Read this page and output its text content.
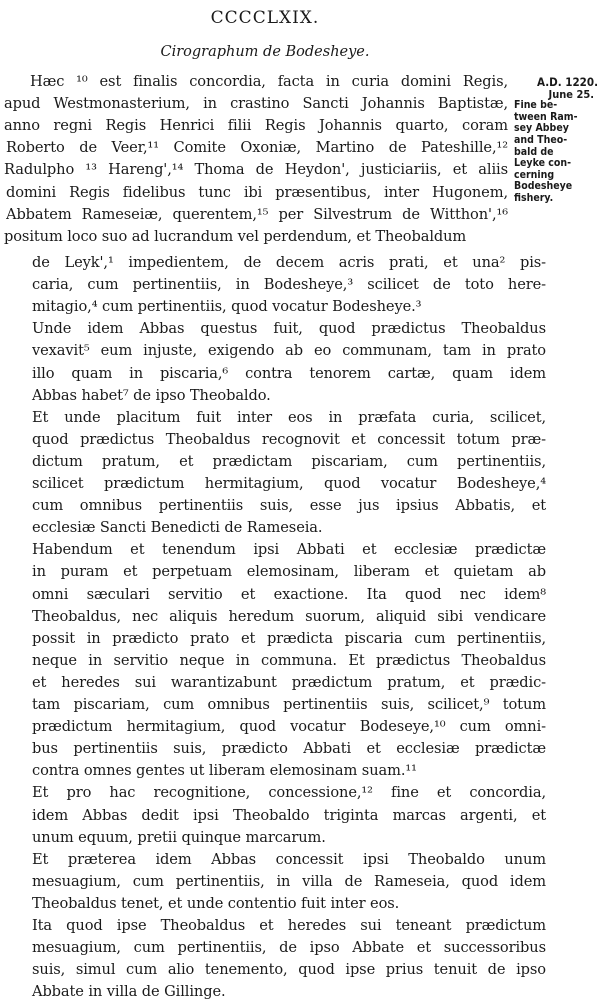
CCCCLXIX.
Cirographum de Bodesheye.
A.D. 1220.
June 25.
Fine be-
tween Ram-
sey Abbey
and Theo-
bald de
Leyke con-
cerning
Bodesheye
fishery.
Hæc ¹⁰ est finalis concordia, facta in curia domini Regis,
apud Westmonasterium, in crastino Sancti Johannis Baptistæ,
anno regni Regis Henrici filii Regis Johannis quarto, coram
Roberto de Veer,¹¹ Comite Oxoniæ, Martino de Pateshille,¹²
Radulpho ¹³ Hareng',¹⁴ Thoma de Heydon', justiciariis, et aliis
domini Regis fidelibus tunc ibi præsentibus, inter Hugonem,
Abbatem Rameseiæ, querentem,¹⁵ per Silvestrum de Witthon',¹⁶
positum loco suo ad lucrandum vel perdendum, et Theobaldum
de Leyk',¹ impedientem, de decem acris prati, et una² pis-
caria, cum pertinentiis, in Bodesheye,³ scilicet de toto here-
mitagio,⁴ cum pertinentiis, quod vocatur Bodesheye.³
Unde idem Abbas questus fuit, quod prædictus Theobaldus
vexavit⁵ eum injuste, exigendo ab eo communam, tam in prato
illo quam in piscaria,⁶ contra tenorem cartæ, quam idem
Abbas habet⁷ de ipso Theobaldo.
Et unde placitum fuit inter eos in præfata curia, scilicet,
quod prædictus Theobaldus recognovit et concessit totum præ-
dictum pratum, et prædictam piscariam, cum pertinentiis,
scilicet prædictum hermitagium, quod vocatur Bodesheye,⁴
cum omnibus pertinentiis suis, esse jus ipsius Abbatis, et
ecclesiæ Sancti Benedicti de Rameseia.
Habendum et tenendum ipsi Abbati et ecclesiæ prædictæ
in puram et perpetuam elemosinam, liberam et quietam ab
omni sæculari servitio et exactione. Ita quod nec idem⁸
Theobaldus, nec aliquis heredum suorum, aliquid sibi vendicare
possit in prædicto prato et prædicta piscaria cum pertinentiis,
neque in servitio neque in communa. Et prædictus Theobaldus
et heredes sui warantizabunt prædictum pratum, et prædic-
tam piscariam, cum omnibus pertinentiis suis, scilicet,⁹ totum
prædictum hermitagium, quod vocatur Bodeseye,¹⁰ cum omni-
bus pertinentiis suis, prædicto Abbati et ecclesiæ prædictæ
contra omnes gentes ut liberam elemosinam suam.¹¹
Et pro hac recognitione, concessione,¹² fine et concordia,
idem Abbas dedit ipsi Theobaldo triginta marcas argenti, et
unum equum, pretii quinque marcarum.
Et præterea idem Abbas concessit ipsi Theobaldo unum
mesuagium, cum pertinentiis, in villa de Rameseia, quod idem
Theobaldus tenet, et unde contentio fuit inter eos.
Ita quod ipse Theobaldus et heredes sui teneant prædictum
mesuagium, cum pertinentiis, de ipso Abbate et successoribus
suis, simul cum alio tenemento, quod ipse prius tenuit de ipso
Abbate in villa de Gillinge.
